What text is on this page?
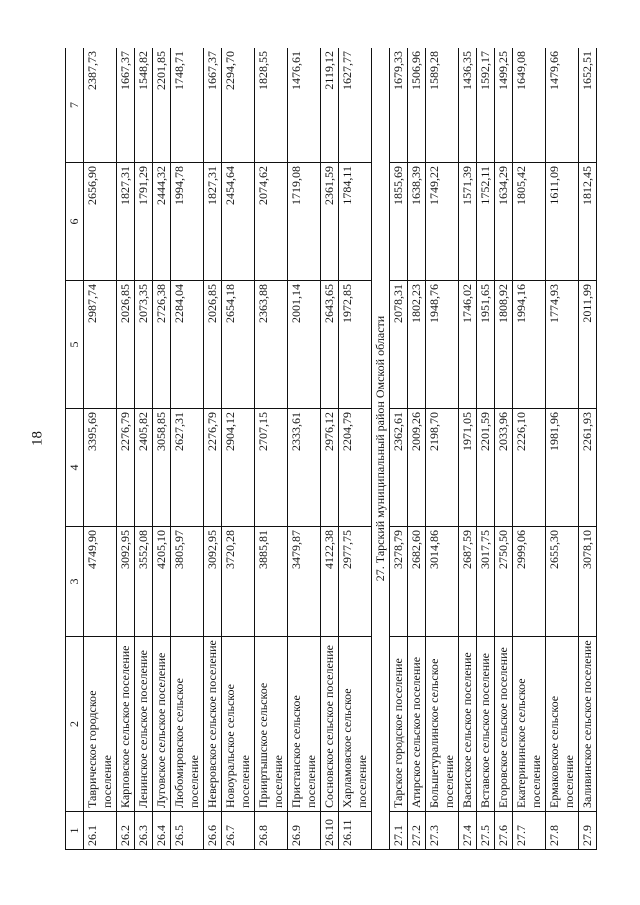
18
1	2	3	4	5	6	7
26.1	Таврическое городское поселение	4749,90	3395,69	2987,74	2656,90	2387,73
26.2	Карповское сельское поселение	3092,95	2276,79	2026,85	1827,31	1667,37
26.3	Ленинское сельское поселение	3552,08	2405,82	2073,35	1791,29	1548,82
26.4	Луговское сельское поселение	4205,10	3058,85	2726,38	2444,32	2201,85
26.5	Любомировское сельское поселение	3805,97	2627,31	2284,04	1994,78	1748,71
26.6	Неверовское сельское поселение	3092,95	2276,79	2026,85	1827,31	1667,37
26.7	Новоуральское сельское поселение	3720,28	2904,12	2654,18	2454,64	2294,70
26.8	Прииртышское сельское поселение	3885,81	2707,15	2363,88	2074,62	1828,55
26.9	Пристанское сельское поселение	3479,87	2333,61	2001,14	1719,08	1476,61
26.10	Сосновское сельское поселение	4122,38	2976,12	2643,65	2361,59	2119,12
26.11	Харламовское сельское поселение	2977,75	2204,79	1972,85	1784,11	1627,77
27. Тарский муниципальный район Омской области						
27.1	Тарское городское поселение	3278,79	2362,61	2078,31	1855,69	1679,33
27.2	Атирское сельское поселение	2682,60	2009,26	1802,23	1638,39	1506,96
27.3	Большетуралинское сельское поселение	3014,86	2198,70	1948,76	1749,22	1589,28
27.4	Васисское сельское поселение	2687,59	1971,05	1746,02	1571,39	1436,35
27.5	Вставское сельское поселение	3017,75	2201,59	1951,65	1752,11	1592,17
27.6	Егоровское сельское поселение	2750,50	2033,96	1808,92	1634,29	1499,25
27.7	Екатерининское сельское поселение	2999,06	2226,10	1994,16	1805,42	1649,08
27.8	Ермаковское сельское поселение	2655,30	1981,96	1774,93	1611,09	1479,66
27.9	Заливинское сельское поселение	3078,10	2261,93	2011,99	1812,45	1652,51
